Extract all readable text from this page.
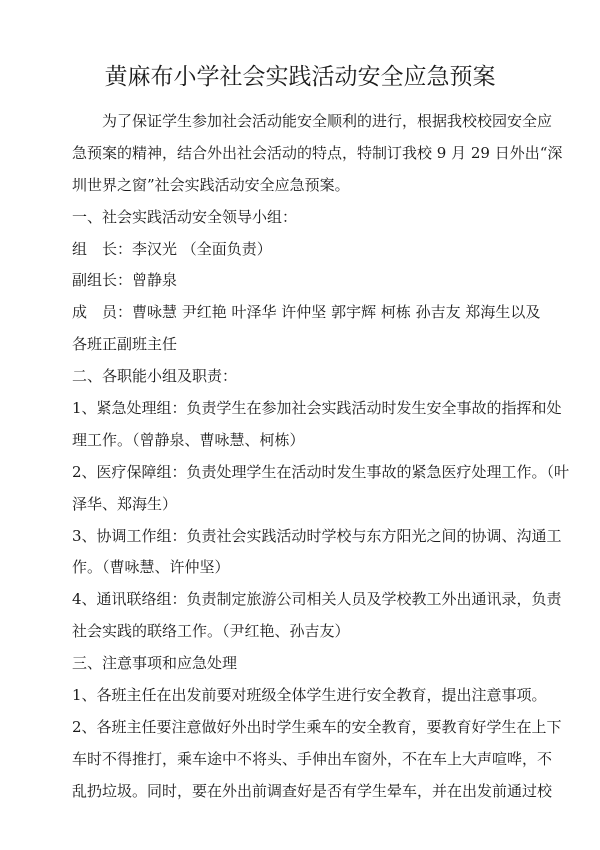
黄麻布小学社会实践活动安全应急预案
为了保证学生参加社会活动能安全顺利的进行，根据我校校园安全应
急预案的精神，结合外出社会活动的特点，特制订我校 9 月 29 日外出“深
圳世界之窗”社会实践活动安全应急预案。
一、社会实践活动安全领导小组：
组　长：李汉光 （全面负责）
副组长：曾静泉
成　员：曹咏慧 尹红艳 叶泽华 许仲坚 郭宇辉 柯栋 孙吉友 郑海生以及
各班正副班主任
二、各职能小组及职责：
1、紧急处理组：负责学生在参加社会实践活动时发生安全事故的指挥和处
理工作。（曾静泉、曹咏慧、柯栋）
2、医疗保障组：负责处理学生在活动时发生事故的紧急医疗处理工作。（叶
泽华、郑海生）
3、协调工作组：负责社会实践活动时学校与东方阳光之间的协调、沟通工
作。（曹咏慧、许仲坚）
4、通讯联络组：负责制定旅游公司相关人员及学校教工外出通讯录，负责
社会实践的联络工作。（尹红艳、孙吉友）
三、注意事项和应急处理
1、各班主任在出发前要对班级全体学生进行安全教育，提出注意事项。
2、各班主任要注意做好外出时学生乘车的安全教育，要教育好学生在上下
车时不得推打，乘车途中不将头、手伸出车窗外，不在车上大声喧哗，不
乱扔垃圾。同时，要在外出前调查好是否有学生晕车，并在出发前通过校
